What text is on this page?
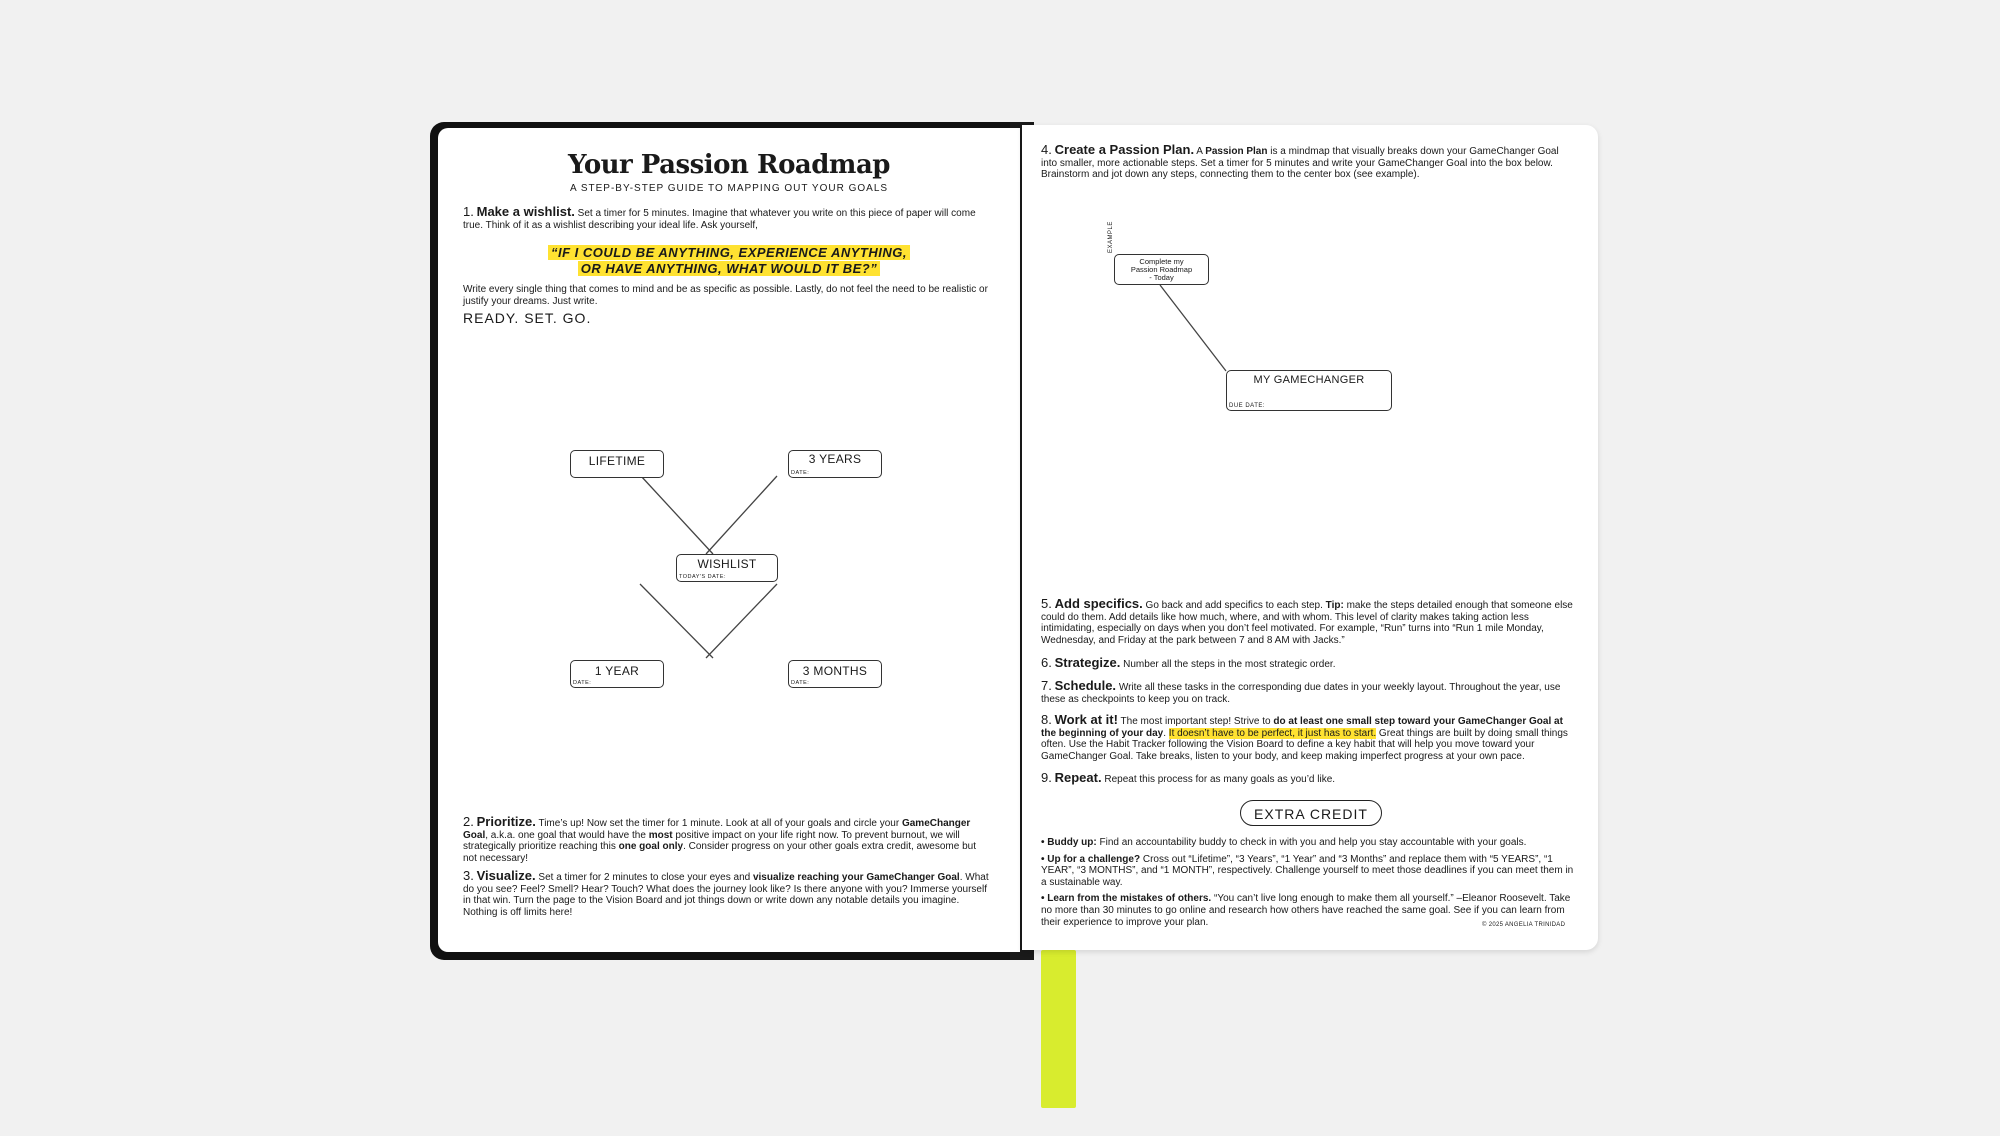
Your Passion Roadmap

A STEP-BY-STEP GUIDE TO MAPPING OUT YOUR GOALS

1. Make a wishlist. Set a timer for 5 minutes. Imagine that whatever you write on this piece of paper will come true. Think of it as a wishlist describing your ideal life. Ask yourself,

“IF I COULD BE ANYTHING, EXPERIENCE ANYTHING,
OR HAVE ANYTHING, WHAT WOULD IT BE?”

Write every single thing that comes to mind and be as specific as possible. Lastly, do not feel the need to be realistic or justify your dreams. Just write.

READY. SET. GO.
LIFETIME	3 YEARS
DATE:
WISHLIST
TODAY'S DATE:
1 YEAR
DATE:
3 MONTHS
DATE:

2. Prioritize. Time’s up! Now set the timer for 1 minute. Look at all of your goals and circle your GameChanger Goal, a.k.a. one goal that would have the most positive impact on your life right now. To prevent burnout, we will strategically prioritize reaching this one goal only. Consider progress on your other goals extra credit, awesome but not necessary!

3. Visualize. Set a timer for 2 minutes to close your eyes and visualize reaching your GameChanger Goal. What do you see? Feel? Smell? Hear? Touch? What does the journey look like? Is there anyone with you? Immerse yourself in that win. Turn the page to the Vision Board and jot things down or write down any notable details you imagine. Nothing is off limits here!

4. Create a Passion Plan. A Passion Plan is a mindmap that visually breaks down your GameChanger Goal into smaller, more actionable steps. Set a timer for 5 minutes and write your GameChanger Goal into the box below. Brainstorm and jot down any steps, connecting them to the center box (see example).

EXAMPLE
Complete my
Passion Roadmap
- Today
MY GAMECHANGER
DUE DATE:

5. Add specifics. Go back and add specifics to each step. Tip: make the steps detailed enough that someone else could do them. Add details like how much, where, and with whom. This level of clarity makes taking action less intimidating, especially on days when you don’t feel motivated. For example, “Run” turns into “Run 1 mile Monday, Wednesday, and Friday at the park between 7 and 8 AM with Jacks.”

6. Strategize. Number all the steps in the most strategic order.

7. Schedule. Write all these tasks in the corresponding due dates in your weekly layout. Throughout the year, use these as checkpoints to keep you on track.

8. Work at it! The most important step! Strive to do at least one small step toward your GameChanger Goal at the beginning of your day. It doesn’t have to be perfect, it just has to start. Great things are built by doing small things often. Use the Habit Tracker following the Vision Board to define a key habit that will help you move toward your GameChanger Goal. Take breaks, listen to your body, and keep making imperfect progress at your own pace.

9. Repeat. Repeat this process for as many goals as you’d like.

EXTRA CREDIT

• Buddy up: Find an accountability buddy to check in with you and help you stay accountable with your goals.

• Up for a challenge? Cross out “Lifetime”, “3 Years”, “1 Year” and “3 Months” and replace them with “5 YEARS”, “1 YEAR”, “3 MONTHS”, and “1 MONTH”, respectively. Challenge yourself to meet those deadlines if you can meet them in a sustainable way.

• Learn from the mistakes of others. “You can’t live long enough to make them all yourself.” –Eleanor Roosevelt. Take no more than 30 minutes to go online and research how others have reached the same goal. See if you can learn from their experience to improve your plan.	© 2025 ANGELIA TRINIDAD
